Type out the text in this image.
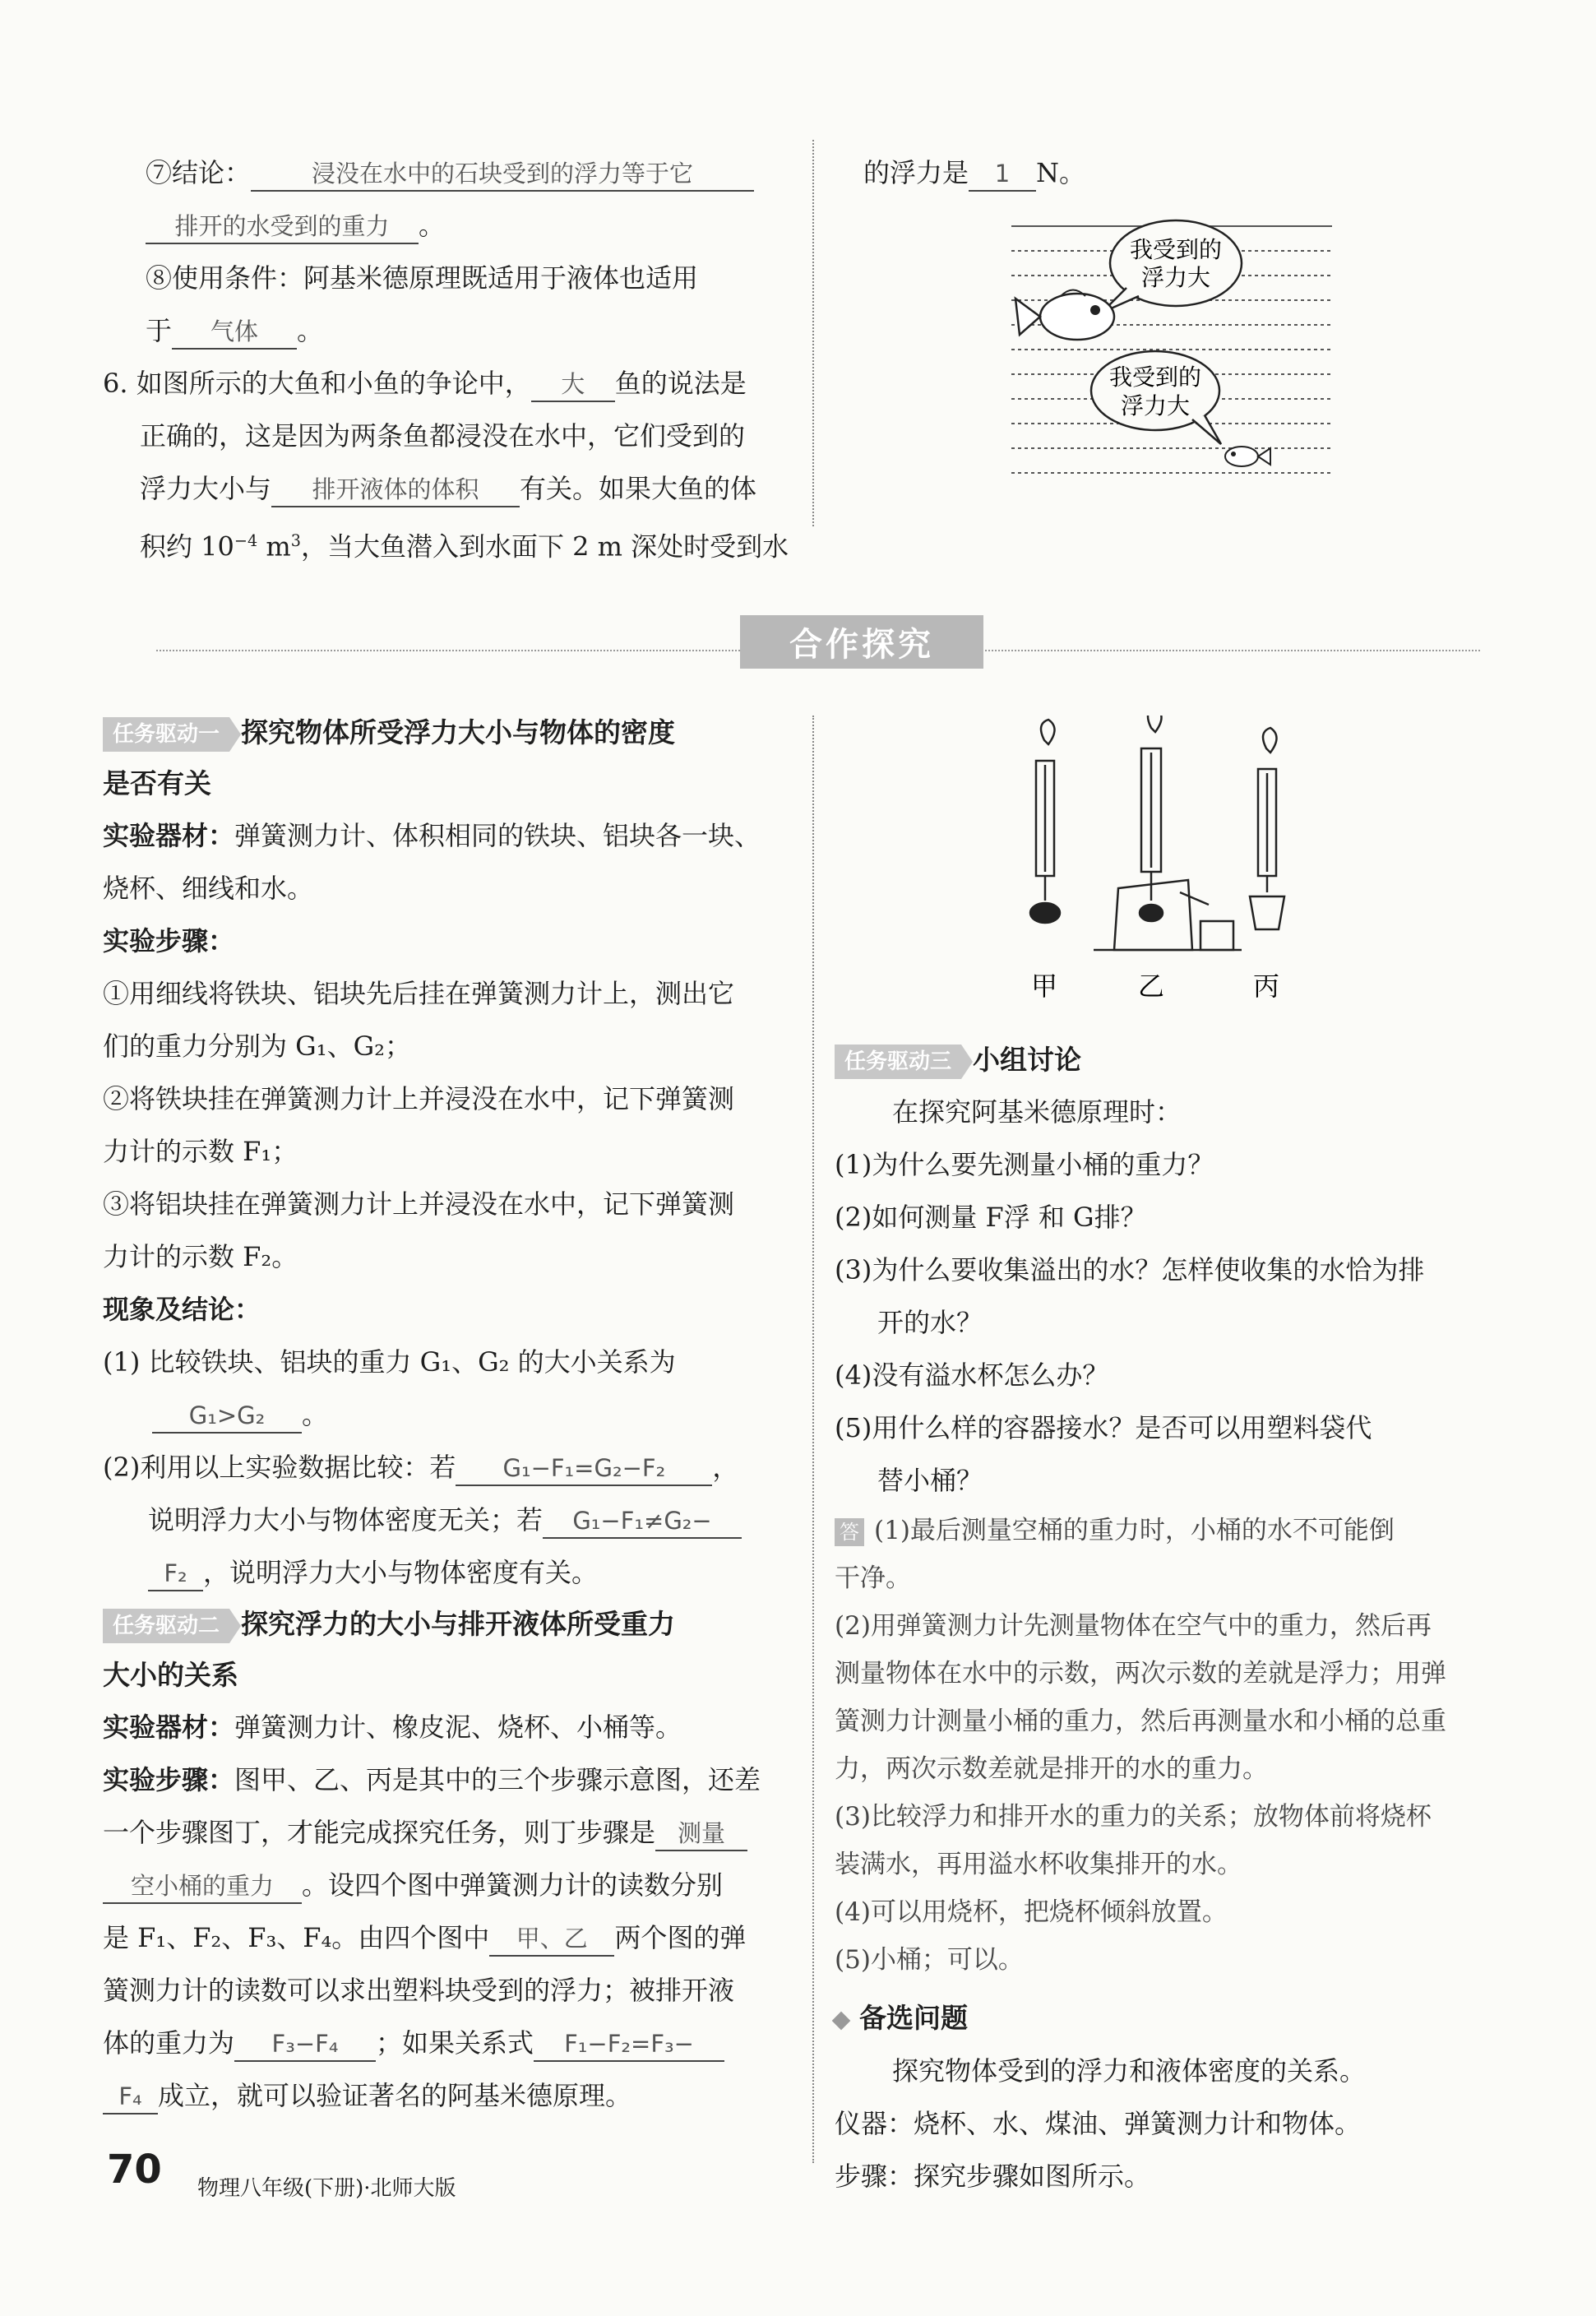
⑦结论：	浸没在水中的石块受到的浮力等于它
排开的水受到的重力 。
⑧使用条件：阿基米德原理既适用于液体也适用
于 气体 。
6. 如图所示的大鱼和小鱼的争论中， 大 鱼的说法是
正确的，这是因为两条鱼都浸没在水中，它们受到的
浮力大小与 排开液体的体积 有关。如果大鱼的体
积约 $10^{-4}$ $m^3$，当大鱼潜入到水面下 2 m 深处时受到水
的浮力是 1 N。
我受到的
浮力大
我受到的
浮力大
合作探究
任务驱动一 探究物体所受浮力大小与物体的密度
是否有关
实验器材：弹簧测力计、体积相同的铁块、铝块各一块、
烧杯、细线和水。
实验步骤：
①用细线将铁块、铝块先后挂在弹簧测力计上，测出它
们的重力分别为 G₁、G₂；
②将铁块挂在弹簧测力计上并浸没在水中，记下弹簧测
力计的示数 F₁；
③将铝块挂在弹簧测力计上并浸没在水中，记下弹簧测
力计的示数 F₂。
现象及结论：
(1) 比较铁块、铝块的重力 G₁、G₂ 的大小关系为
G₁>G₂ 。
(2)利用以上实验数据比较：若 G₁−F₁=G₂−F₂ ，
说明浮力大小与物体密度无关；若 G₁−F₁≠G₂−
F₂ ，说明浮力大小与物体密度有关。
任务驱动二 探究浮力的大小与排开液体所受重力
大小的关系
实验器材：弹簧测力计、橡皮泥、烧杯、小桶等。
实验步骤：图甲、乙、丙是其中的三个步骤示意图，还差
一个步骤图丁，才能完成探究任务，则丁步骤是 测量
空小桶的重力 。设四个图中弹簧测力计的读数分别
是 F₁、F₂、F₃、F₄。由四个图中 甲、乙 两个图的弹
簧测力计的读数可以求出塑料块受到的浮力；被排开液
体的重力为 F₃−F₄ ；如果关系式 F₁−F₂=F₃−
F₄ 成立，就可以验证著名的阿基米德原理。
甲	乙	丙
任务驱动三 小组讨论
在探究阿基米德原理时：
(1)为什么要先测量小桶的重力？
(2)如何测量 F浮 和 G排？
(3)为什么要收集溢出的水？怎样使收集的水恰为排
开的水？
(4)没有溢水杯怎么办？
(5)用什么样的容器接水？是否可以用塑料袋代
替小桶？
答 (1)最后测量空桶的重力时，小桶的水不可能倒
干净。
(2)用弹簧测力计先测量物体在空气中的重力，然后再
测量物体在水中的示数，两次示数的差就是浮力；用弹
簧测力计测量小桶的重力，然后再测量水和小桶的总重
力，两次示数差就是排开的水的重力。
(3)比较浮力和排开水的重力的关系；放物体前将烧杯
装满水，再用溢水杯收集排开的水。
(4)可以用烧杯，把烧杯倾斜放置。
(5)小桶；可以。
备选问题
探究物体受到的浮力和液体密度的关系。
仪器：烧杯、水、煤油、弹簧测力计和物体。
步骤：探究步骤如图所示。
70 物理八年级(下册)·北师大版
